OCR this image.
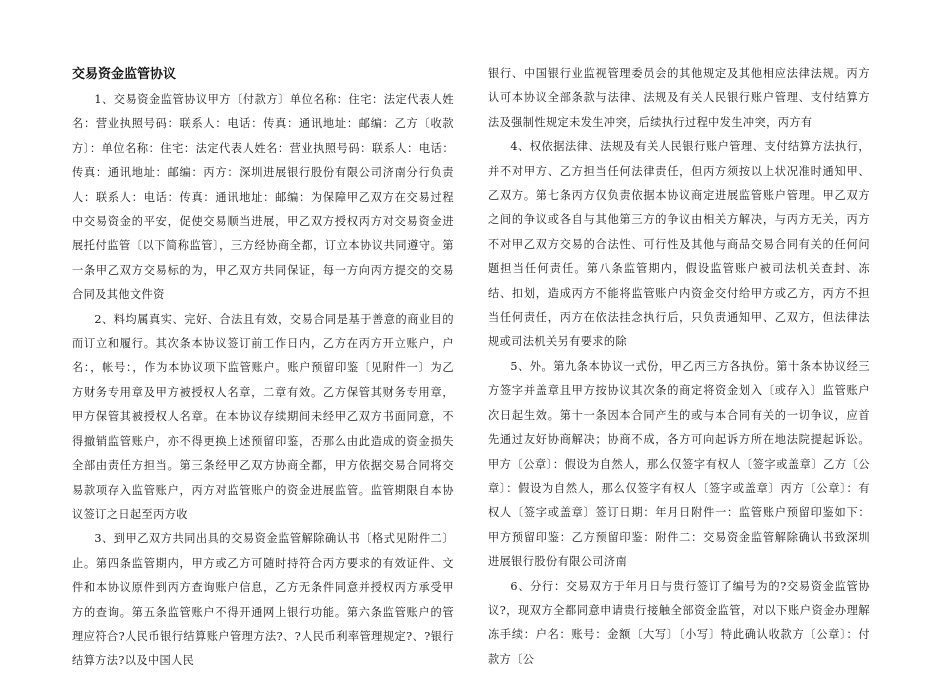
交易资金监管协议

1、交易资金监管协议甲方〔付款方〕单位名称：住宅：法定代表人姓名：营业执照号码：联系人：电话：传真：通讯地址：邮编：乙方〔收款方〕：单位名称：住宅：法定代表人姓名：营业执照号码：联系人：电话：传真：通讯地址：邮编：丙方：深圳进展银行股份有限公司济南分行负责人：联系人：电话：传真：通讯地址：邮编：为保障甲乙双方在交易过程中交易资金的平安，促使交易顺当进展，甲乙双方授权丙方对交易资金进展托付监管〔以下简称监管〕，三方经协商全都，订立本协议共同遵守。第一条甲乙双方交易标的为，甲乙双方共同保证，每一方向丙方提交的交易合同及其他文件资

2、料均属真实、完好、合法且有效，交易合同是基于善意的商业目的而订立和履行。其次条本协议签订前工作日内，乙方在丙方开立账户，户名：，帐号：，作为本协议项下监管账户。账户预留印鉴〔见附件一〕为乙方财务专用章及甲方被授权人名章，二章有效。乙方保管其财务专用章，甲方保管其被授权人名章。在本协议存续期间未经甲乙双方书面同意，不得撤销监管账户，亦不得更换上述预留印鉴，否那么由此造成的资金损失全部由责任方担当。第三条经甲乙双方协商全都，甲方依据交易合同将交易款项存入监管账户，丙方对监管账户的资金进展监管。监管期限自本协议签订之日起至丙方收

3、到甲乙双方共同出具的交易资金监管解除确认书〔格式见附件二〕止。第四条监管期内，甲方或乙方可随时持符合丙方要求的有效证件、文件和本协议原件到丙方查询账户信息，乙方无条件同意并授权丙方承受甲方的查询。第五条监管账户不得开通网上银行功能。第六条监管账户的管理应符合?人民币银行结算账户管理方法?、?人民币利率管理规定?、?银行结算方法?以及中国人民

银行、中国银行业监视管理委员会的其他规定及其他相应法律法规。丙方认可本协议全部条款与法律、法规及有关人民银行账户管理、支付结算方法及强制性规定未发生冲突，后续执行过程中发生冲突，丙方有

4、权依据法律、法规及有关人民银行账户管理、支付结算方法执行，并不对甲方、乙方担当任何法律责任，但丙方须按以上状况准时通知甲、乙双方。第七条丙方仅负责依据本协议商定进展监管账户管理。甲乙双方之间的争议或各自与其他第三方的争议由相关方解决，与丙方无关，丙方不对甲乙双方交易的合法性、可行性及其他与商品交易合同有关的任何问题担当任何责任。第八条监管期内，假设监管账户被司法机关查封、冻结、扣划，造成丙方不能将监管账户内资金交付给甲方或乙方，丙方不担当任何责任，丙方在依法挂念执行后，只负责通知甲、乙双方，但法律法规或司法机关另有要求的除

5、外。第九条本协议一式份，甲乙丙三方各执份。第十条本协议经三方签字并盖章且甲方按协议其次条的商定将资金划入〔或存入〕监管账户次日起生效。第十一条因本合同产生的或与本合同有关的一切争议，应首先通过友好协商解决；协商不成，各方可向起诉方所在地法院提起诉讼。甲方〔公章〕：假设为自然人，那么仅签字有权人〔签字或盖章〕乙方〔公章〕：假设为自然人，那么仅签字有权人〔签字或盖章〕丙方〔公章〕：有权人〔签字或盖章〕签订日期：年月日附件一：监管账户预留印鉴如下：甲方预留印鉴：乙方预留印鉴：附件二：交易资金监管解除确认书致深圳进展银行股份有限公司济南

6、分行：交易双方于年月日与贵行签订了编号为的?交易资金监管协议?，现双方全都同意申请贵行接触全部资金监管，对以下账户资金办理解冻手续：户名：账号：金额〔大写〕〔小写〕特此确认收款方〔公章〕：付款方〔公
